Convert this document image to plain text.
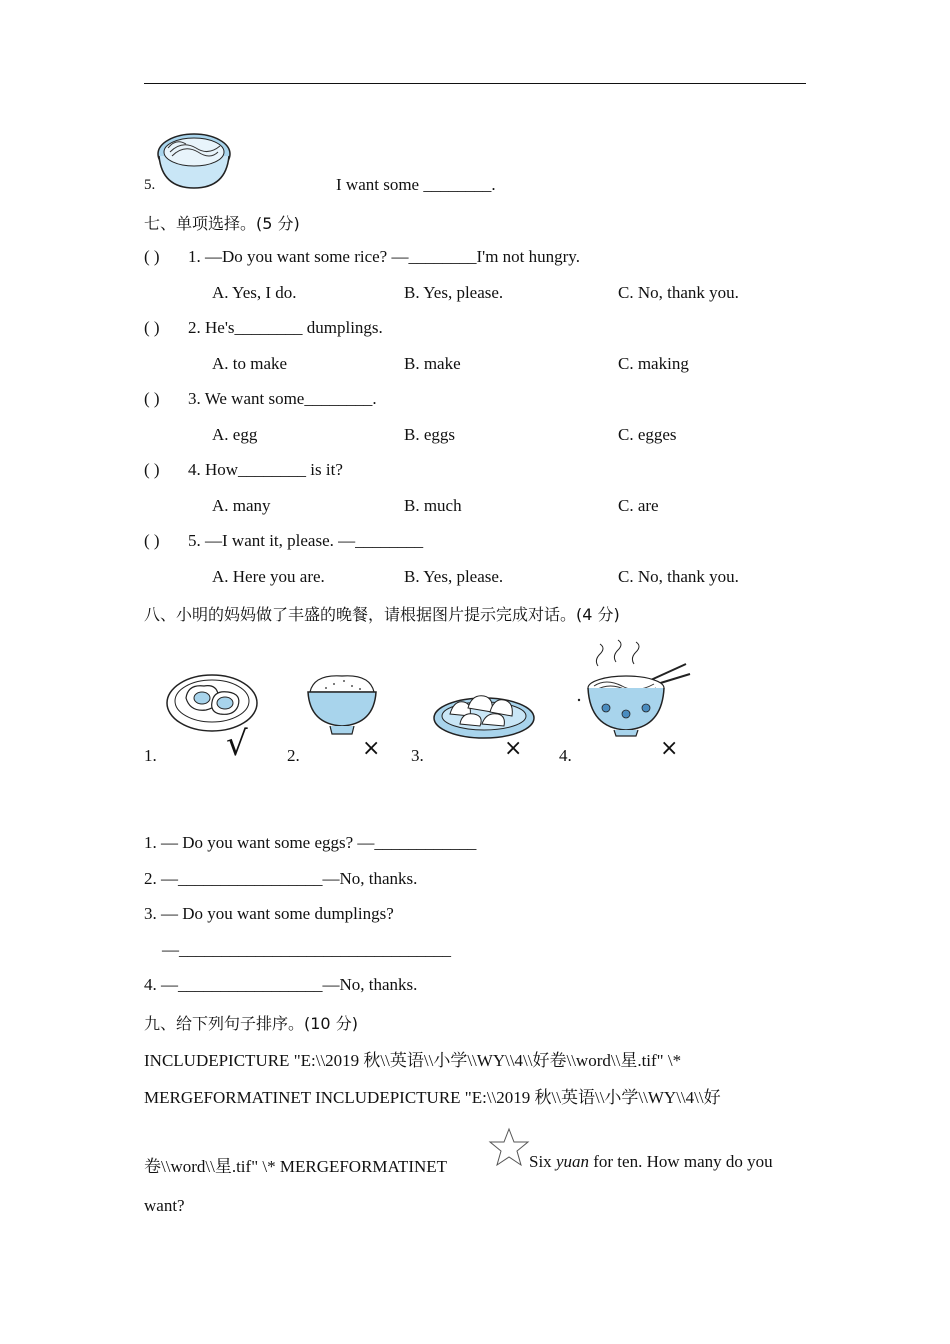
5.	I want some ________.
七、单项选择。(5 分)
( ) 1. —Do you want some rice? —________I'm not hungry.
A. Yes, I do.	B. Yes, please.	C. No, thank you.
( ) 2. He's________ dumplings.
A. to make	B. make	C. making
( ) 3. We want some________.
A. egg	B. eggs	C. egges
( ) 4. How________ is it?
A. many	B. much	C. are
( ) 5. —I want it, please. —________
A. Here you are.	B. Yes, please.	C. No, thank you.
八、小明的妈妈做了丰盛的晚餐，请根据图片提示完成对话。(4 分)
1. √ 2.	× 3.	× 4.	×
1. — Do you want some eggs? —____________
2. —_________________—No, thanks.
3. — Do you want some dumplings?
—________________________________
4. —_________________—No, thanks.
九、给下列句子排序。(10 分)
INCLUDEPICTURE "E:\\2019 秋\\英语\\小学\\WY\\4\\好卷\\word\\星.tif" \*
MERGEFORMATINET INCLUDEPICTURE "E:\\2019 秋\\英语\\小学\\WY\\4\\好
卷\\word\\星.tif" \* MERGEFORMATINET	Six yuan for ten. How many do you
want?
